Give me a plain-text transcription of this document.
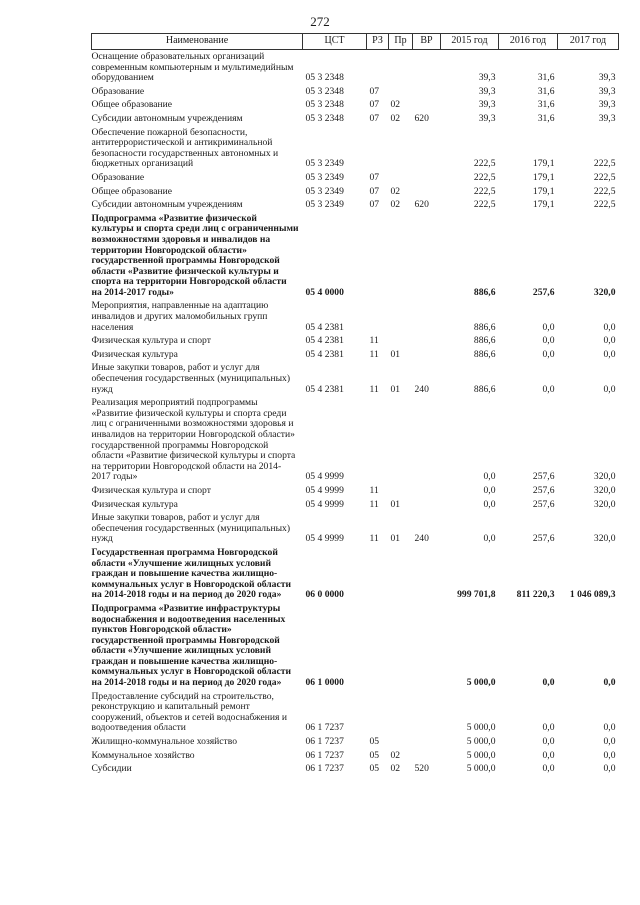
272
Наименование	ЦСТ	РЗ	Пр	ВР	2015 год	2016 год	2017 год
Оснащение образовательных организаций современным компьютерным и мультимедийным оборудованием	05 3 2348				39,3	31,6	39,3
Образование	05 3 2348	07			39,3	31,6	39,3
Общее образование	05 3 2348	07	02		39,3	31,6	39,3
Субсидии автономным учреждениям	05 3 2348	07	02	620	39,3	31,6	39,3
Обеспечение пожарной безопасности, антитеррористической и антикриминальной безопасности государственных автономных и бюджетных организаций	05 3 2349				222,5	179,1	222,5
Образование	05 3 2349	07			222,5	179,1	222,5
Общее образование	05 3 2349	07	02		222,5	179,1	222,5
Субсидии автономным учреждениям	05 3 2349	07	02	620	222,5	179,1	222,5
Подпрограмма «Развитие физической культуры и спорта среди лиц с ограниченными возможностями здоровья и инвалидов на территории Новгородской области» государственной программы Новгородской области «Развитие физической культуры и спорта на территории Новгородской области на 2014-2017 годы»	05 4 0000				886,6	257,6	320,0
Мероприятия, направленные на адаптацию инвалидов и других маломобильных групп населения	05 4 2381				886,6	0,0	0,0
Физическая культура и спорт	05 4 2381	11			886,6	0,0	0,0
Физическая культура	05 4 2381	11	01		886,6	0,0	0,0
Иные закупки товаров, работ и услуг для обеспечения государственных (муниципальных) нужд	05 4 2381	11	01	240	886,6	0,0	0,0
Реализация мероприятий подпрограммы «Развитие физической культуры и спорта среди лиц с ограниченными возможностями здоровья и инвалидов на территории Новгородской области» государственной программы Новгородской области «Развитие физической культуры и спорта на территории Новгородской области на 2014-2017 годы»	05 4 9999				0,0	257,6	320,0
Физическая культура и спорт	05 4 9999	11			0,0	257,6	320,0
Физическая культура	05 4 9999	11	01		0,0	257,6	320,0
Иные закупки товаров, работ и услуг для обеспечения государственных (муниципальных) нужд	05 4 9999	11	01	240	0,0	257,6	320,0
Государственная программа Новгородской области «Улучшение жилищных условий граждан и повышение качества жилищно-коммунальных услуг в Новгородской области на 2014-2018 годы и на период до 2020 года»	06 0 0000				999 701,8	811 220,3	1 046 089,3
Подпрограмма «Развитие инфраструктуры водоснабжения и водоотведения населенных пунктов Новгородской области» государственной программы Новгородской области «Улучшение жилищных условий граждан и повышение качества жилищно-коммунальных услуг в Новгородской области на 2014-2018 годы и на период до 2020 года»	06 1 0000				5 000,0	0,0	0,0
Предоставление субсидий на строительство, реконструкцию и капитальный ремонт сооружений, объектов и сетей водоснабжения и водоотведения области	06 1 7237				5 000,0	0,0	0,0
Жилищно-коммунальное хозяйство	06 1 7237	05			5 000,0	0,0	0,0
Коммунальное хозяйство	06 1 7237	05	02		5 000,0	0,0	0,0
Субсидии	06 1 7237	05	02	520	5 000,0	0,0	0,0
